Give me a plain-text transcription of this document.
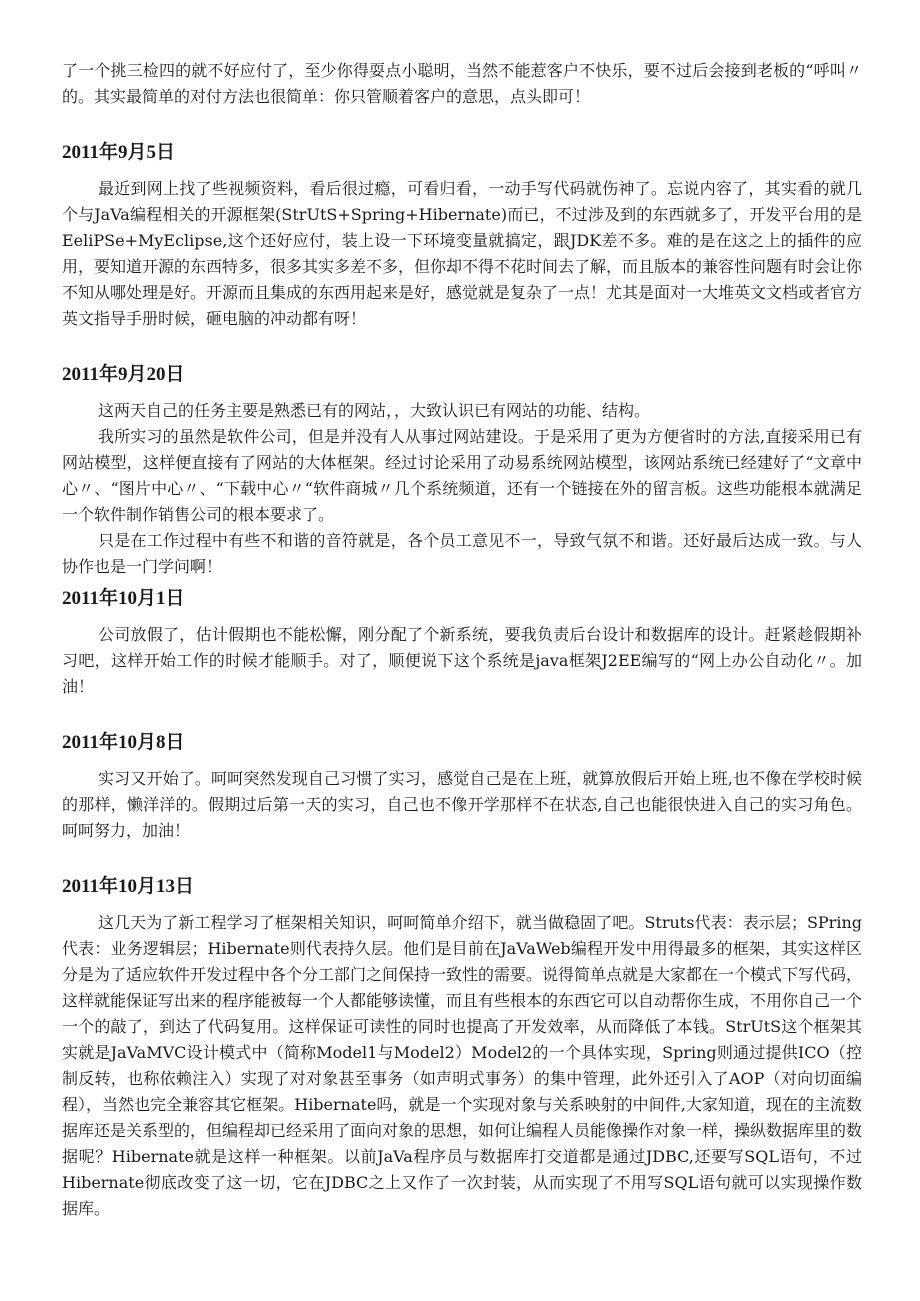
了一个挑三检四的就不好应付了，至少你得耍点小聪明，当然不能惹客户不快乐，要不过后会接到老板的“呼叫〃的。其实最简单的对付方法也很简单：你只管顺着客户的意思，点头即可！

2011年9月5日

最近到网上找了些视频资料，看后很过瘾，可看归看，一动手写代码就伤神了。忘说内容了，其实看的就几个与JaVa编程相关的开源框架(StrUtS+Spring+Hibernate)而已，不过涉及到的东西就多了，开发平台用的是EeliPSe+MyEclipse,这个还好应付，装上设一下环境变量就搞定，跟JDK差不多。难的是在这之上的插件的应用，要知道开源的东西特多，很多其实多差不多，但你却不得不花时间去了解，而且版本的兼容性问题有时会让你不知从哪处理是好。开源而且集成的东西用起来是好，感觉就是复杂了一点！尤其是面对一大堆英文文档或者官方英文指导手册时候，砸电脑的冲动都有呀！

2011年9月20日

这两天自己的任务主要是熟悉已有的网站，，大致认识已有网站的功能、结构。

我所实习的虽然是软件公司，但是并没有人从事过网站建设。于是采用了更为方便省时的方法,直接采用已有网站模型，这样便直接有了网站的大体框架。经过讨论采用了动易系统网站模型，该网站系统已经建好了“文章中心〃、“图片中心〃、“下载中心〃“软件商城〃几个系统频道，还有一个链接在外的留言板。这些功能根本就满足一个软件制作销售公司的根本要求了。

只是在工作过程中有些不和谐的音符就是，各个员工意见不一，导致气氛不和谐。还好最后达成一致。与人协作也是一门学问啊！

2011年10月1日

公司放假了，估计假期也不能松懈，刚分配了个新系统，要我负责后台设计和数据库的设计。赶紧趁假期补习吧，这样开始工作的时候才能顺手。对了，顺便说下这个系统是java框架J2EE编写的“网上办公自动化〃。加油！

2011年10月8日

实习又开始了。呵呵突然发现自己习惯了实习，感觉自己是在上班，就算放假后开始上班,也不像在学校时候的那样，懒洋洋的。假期过后第一天的实习，自己也不像开学那样不在状态,自己也能很快进入自己的实习角色。呵呵努力，加油！

2011年10月13日

这几天为了新工程学习了框架相关知识，呵呵简单介绍下，就当做稳固了吧。Struts代表：表示层；SPring代表：业务逻辑层；Hibernate则代表持久层。他们是目前在JaVaWeb编程开发中用得最多的框架，其实这样区分是为了适应软件开发过程中各个分工部门之间保持一致性的需要。说得简单点就是大家都在一个模式下写代码，这样就能保证写出来的程序能被每一个人都能够读懂，而且有些根本的东西它可以自动帮你生成，不用你自己一个一个的敲了，到达了代码复用。这样保证可读性的同时也提高了开发效率，从而降低了本钱。StrUtS这个框架其实就是JaVaMVC设计模式中（简称Model1与Model2）Model2的一个具体实现，Spring则通过提供ICO（控制反转，也称依赖注入）实现了对对象甚至事务（如声明式事务）的集中管理，此外还引入了AOP（对向切面编程），当然也完全兼容其它框架。Hibernate吗，就是一个实现对象与关系映射的中间件,大家知道，现在的主流数据库还是关系型的，但编程却已经采用了面向对象的思想，如何让编程人员能像操作对象一样，操纵数据库里的数据呢？Hibernate就是这样一种框架。以前JaVa程序员与数据库打交道都是通过JDBC,还要写SQL语句，不过Hibernate彻底改变了这一切，它在JDBC之上又作了一次封装，从而实现了不用写SQL语句就可以实现操作数据库。
